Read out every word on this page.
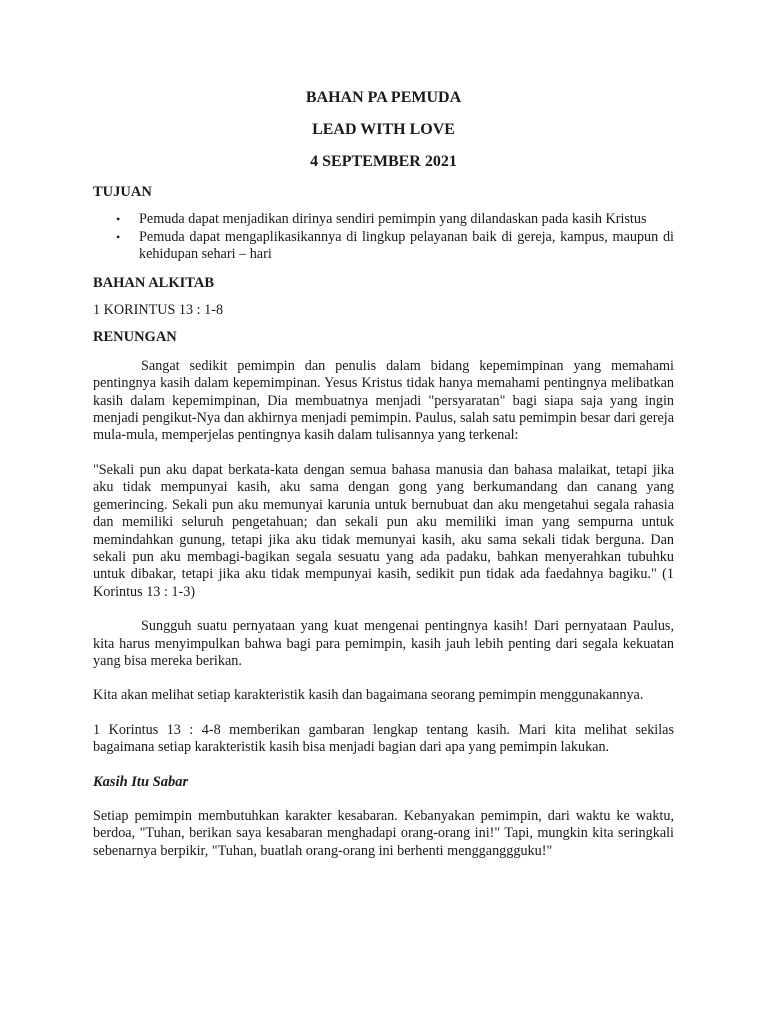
BAHAN PA PEMUDA

LEAD WITH LOVE

4 SEPTEMBER 2021

TUJUAN

• Pemuda dapat menjadikan dirinya sendiri pemimpin yang dilandaskan pada kasih Kristus
• Pemuda dapat mengaplikasikannya di lingkup pelayanan baik di gereja, kampus, maupun di kehidupan sehari – hari

BAHAN ALKITAB

1 KORINTUS 13 : 1-8

RENUNGAN

Sangat sedikit pemimpin dan penulis dalam bidang kepemimpinan yang memahami pentingnya kasih dalam kepemimpinan. Yesus Kristus tidak hanya memahami pentingnya melibatkan kasih dalam kepemimpinan, Dia membuatnya menjadi "persyaratan" bagi siapa saja yang ingin menjadi pengikut-Nya dan akhirnya menjadi pemimpin. Paulus, salah satu pemimpin besar dari gereja mula-mula, memperjelas pentingnya kasih dalam tulisannya yang terkenal:

"Sekali pun aku dapat berkata-kata dengan semua bahasa manusia dan bahasa malaikat, tetapi jika aku tidak mempunyai kasih, aku sama dengan gong yang berkumandang dan canang yang gemerincing. Sekali pun aku memunyai karunia untuk bernubuat dan aku mengetahui segala rahasia dan memiliki seluruh pengetahuan; dan sekali pun aku memiliki iman yang sempurna untuk memindahkan gunung, tetapi jika aku tidak memunyai kasih, aku sama sekali tidak berguna. Dan sekali pun aku membagi-bagikan segala sesuatu yang ada padaku, bahkan menyerahkan tubuhku untuk dibakar, tetapi jika aku tidak mempunyai kasih, sedikit pun tidak ada faedahnya bagiku." (1 Korintus 13 : 1-3)

Sungguh suatu pernyataan yang kuat mengenai pentingnya kasih! Dari pernyataan Paulus, kita harus menyimpulkan bahwa bagi para pemimpin, kasih jauh lebih penting dari segala kekuatan yang bisa mereka berikan.

Kita akan melihat setiap karakteristik kasih dan bagaimana seorang pemimpin menggunakannya.

1 Korintus 13 : 4-8 memberikan gambaran lengkap tentang kasih. Mari kita melihat sekilas bagaimana setiap karakteristik kasih bisa menjadi bagian dari apa yang pemimpin lakukan.

Kasih Itu Sabar

Setiap pemimpin membutuhkan karakter kesabaran. Kebanyakan pemimpin, dari waktu ke waktu, berdoa, "Tuhan, berikan saya kesabaran menghadapi orang-orang ini!" Tapi, mungkin kita seringkali sebenarnya berpikir, "Tuhan, buatlah orang-orang ini berhenti mengganggguku!"
